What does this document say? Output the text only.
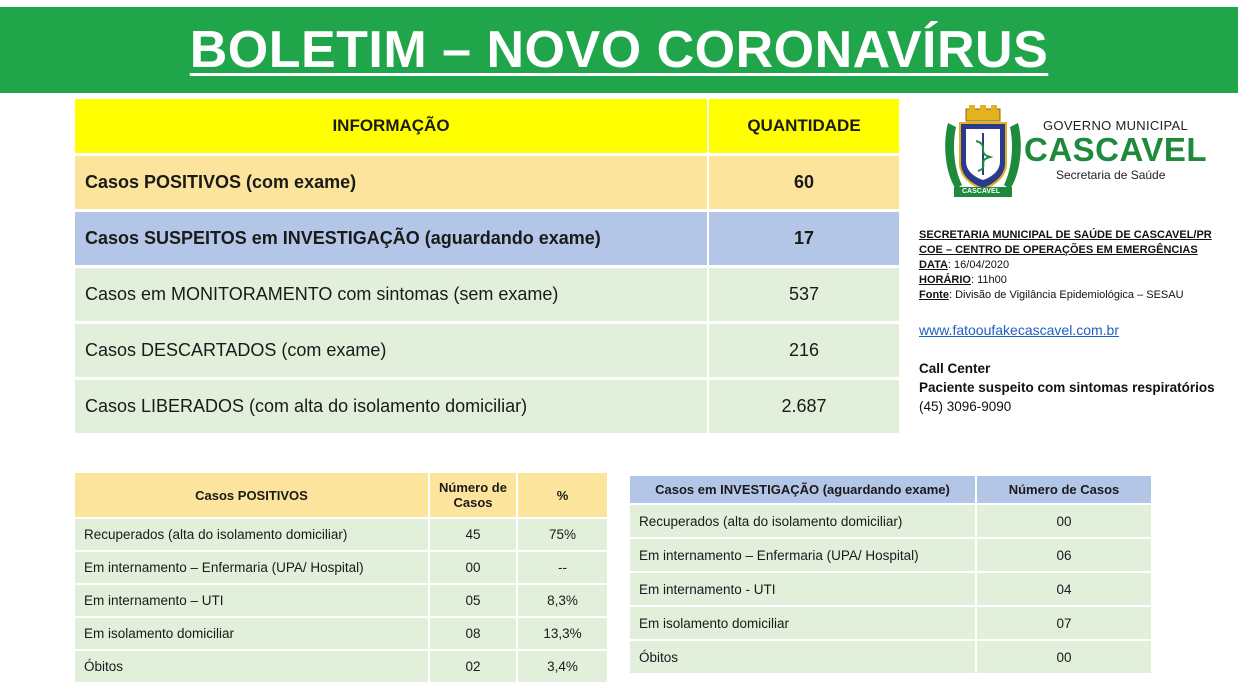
BOLETIM – NOVO CORONAVÍRUS
INFORMAÇÃO	QUANTIDADE
Casos POSITIVOS (com exame)	60
Casos SUSPEITOS em INVESTIGAÇÃO (aguardando exame)	17
Casos em MONITORAMENTO com sintomas (sem exame)	537
Casos DESCARTADOS (com exame)	216
Casos LIBERADOS (com alta do isolamento domiciliar)	2.687
CASCAVEL
GOVERNO MUNICIPAL
CASCAVEL
Secretaria de Saúde
SECRETARIA MUNICIPAL DE SAÚDE DE CASCAVEL/PR
COE – CENTRO DE OPERAÇÕES EM EMERGÊNCIAS
DATA: 16/04/2020
HORÁRIO: 11h00
Fonte: Divisão de Vigilância Epidemiológica – SESAU
www.fatooufakecascavel.com.br
Call Center
Paciente suspeito com sintomas respiratórios
(45) 3096-9090
Casos POSITIVOS	Número de Casos	%
Recuperados (alta do isolamento domiciliar)	45	75%
Em internamento – Enfermaria (UPA/ Hospital)	00	--
Em internamento – UTI	05	8,3%
Em isolamento domiciliar	08	13,3%
Óbitos	02	3,4%
Casos em INVESTIGAÇÃO (aguardando exame)	Número de Casos
Recuperados (alta do isolamento domiciliar)	00
Em internamento – Enfermaria (UPA/ Hospital)	06
Em internamento - UTI	04
Em isolamento domiciliar	07
Óbitos	00
